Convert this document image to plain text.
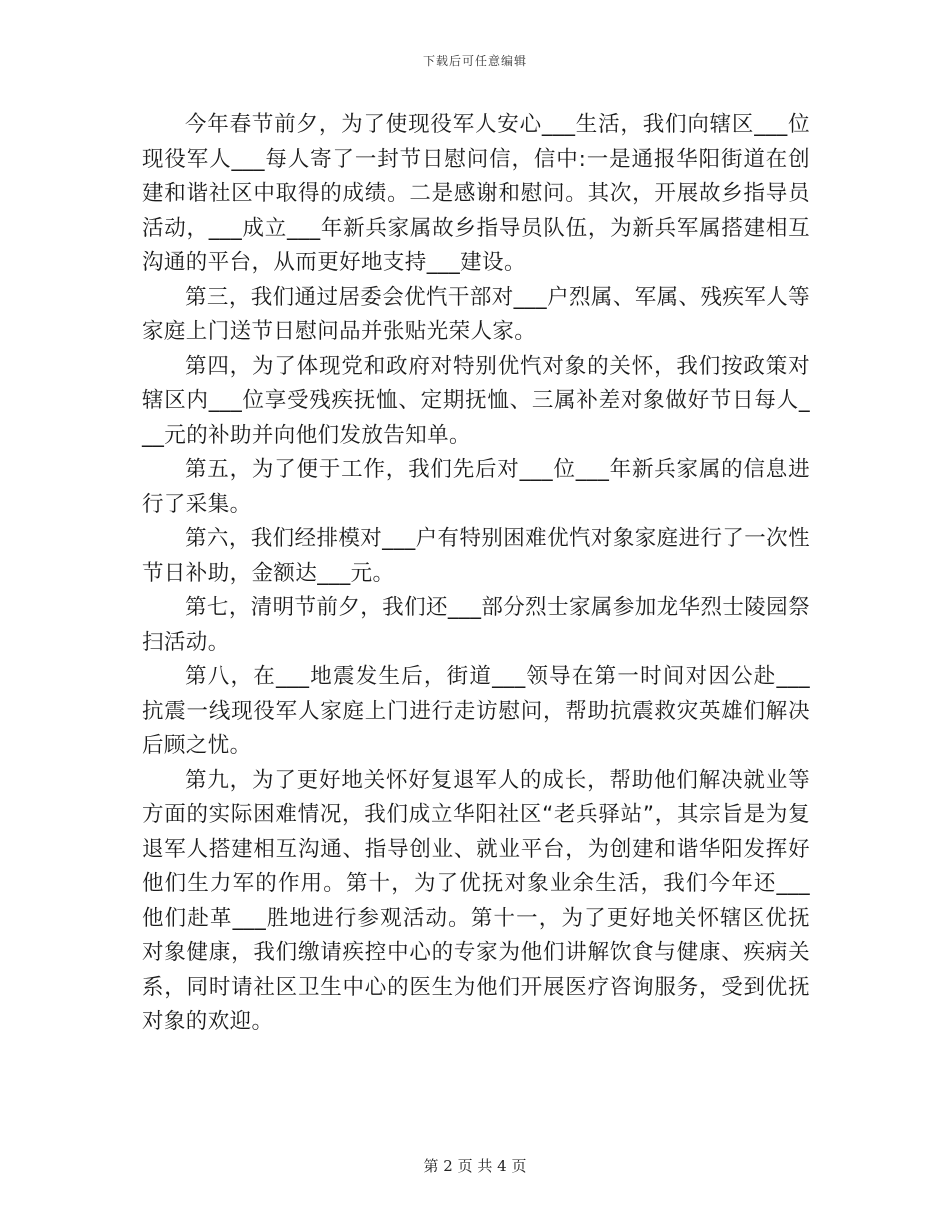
下载后可任意编辑

今年春节前夕，为了使现役军人安心___生活，我们向辖区___位现役军人___每人寄了一封节日慰问信，信中:一是通报华阳街道在创建和谐社区中取得的成绩。二是感谢和慰问。其次，开展故乡指导员活动，___成立___年新兵家属故乡指导员队伍，为新兵军属搭建相互沟通的平台，从而更好地支持___建设。

第三，我们通过居委会优忾干部对___户烈属、军属、残疾军人等家庭上门送节日慰问品并张贴光荣人家。

第四，为了体现党和政府对特别优忾对象的关怀，我们按政策对辖区内___位享受残疾抚恤、定期抚恤、三属补差对象做好节日每人___元的补助并向他们发放告知单。

第五，为了便于工作，我们先后对___位___年新兵家属的信息进行了采集。

第六，我们经排模对___户有特别困难优忾对象家庭进行了一次性节日补助，金额达___元。

第七，清明节前夕，我们还___部分烈士家属参加龙华烈士陵园祭扫活动。

第八，在___地震发生后，街道___领导在第一时间对因公赴___抗震一线现役军人家庭上门进行走访慰问，帮助抗震救灾英雄们解决后顾之忧。

第九，为了更好地关怀好复退军人的成长，帮助他们解决就业等方面的实际困难情况，我们成立华阳社区“老兵驿站”，其宗旨是为复退军人搭建相互沟通、指导创业、就业平台，为创建和谐华阳发挥好他们生力军的作用。第十，为了优抚对象业余生活，我们今年还___他们赴革___胜地进行参观活动。第十一，为了更好地关怀辖区优抚对象健康，我们缴请疾控中心的专家为他们讲解饮食与健康、疾病关系，同时请社区卫生中心的医生为他们开展医疗咨询服务，受到优抚对象的欢迎。

第 2 页 共 4 页
